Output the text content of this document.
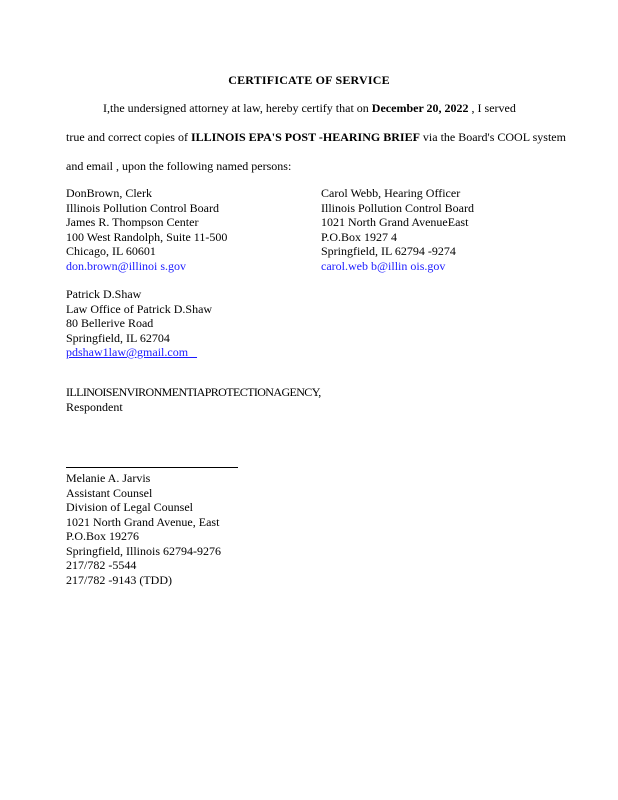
CERTIFICATE OF SERVICE
I,the undersigned attorney at law, hereby certify that on December 20, 2022 , I served
true and correct copies of ILLINOIS EPA'S POST -HEARING BRIEF via the Board's COOL system
and email , upon the following named persons:
DonBrown, Clerk
Illinois Pollution Control Board
James R. Thompson Center
100 West Randolph, Suite 11-500
Chicago, IL 60601
don.brown@illinoi s.gov
Carol Webb, Hearing Officer
Illinois Pollution Control Board
1021 North Grand AvenueEast
P.O.Box 1927 4
Springfield, IL 62794 -9274
carol.web b@illin ois.gov
Patrick D.Shaw
Law Office of Patrick D.Shaw
80 Bellerive Road
Springfield, IL 62704
pdshaw1law@gmail.com
ILLINOISENVIRONMENTIAPROTECTIONAGENCY,
Respondent
Melanie A. Jarvis
Assistant Counsel
Division of Legal Counsel
1021 North Grand Avenue, East
P.O.Box 19276
Springfield, Illinois 62794-9276
217/782 -5544
217/782 -9143 (TDD)
